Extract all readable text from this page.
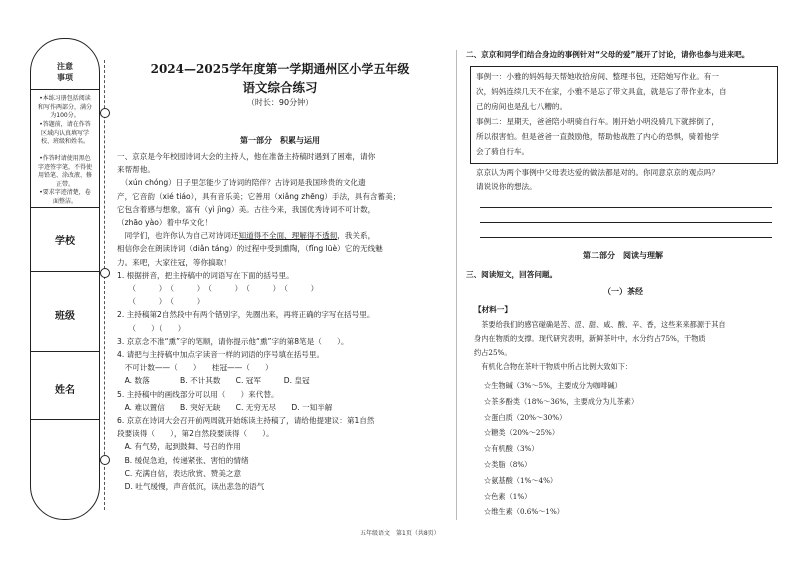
注意
事项
•本练习册包括阅读和写作两部分，满分为100分。
•答题前，请在作答区域内认真填写学校、班级和姓名。
•作答时请使用黑色字迹签字笔，不得使用铅笔、涂改液、修正带。
•要求字迹清楚，卷面整洁。
学校
班级
姓名
2024—2025学年度第一学期通州区小学五年级
语文综合练习
（时长：90分钟）
第一部分　积累与运用
一、京京是今年校园诗词大会的主持人，他在准备主持稿时遇到了困难，请你
来帮帮他。
　（xún chóng）日子里怎能少了诗词的陪伴？古诗词是我国珍贵的文化遗
产，它音韵（xié tiáo），具有音乐美；它善用（xiǎng zhēng）手法，具有含蓄美；
它包含着感与想象，富有（yì jìng）美。古往今来，我国优秀诗词不可计数，
（zhāo yào）着中华文化！
　同学们，也许你认为自己对诗词还知道得不全面、理解得不透彻，我关系，
相信你会在朗读诗词（diǎn táng）的过程中受到熏陶，（fǐng lüè）它的无线魅
力。来吧，大家往冠，等你搞取！
1. 根据拼音，把主持稿中的词语写在下面的括号里。
　　（　　　）　（　　　）　（　　　）　（　　　）　（　　　）
　　（　　　）　（　　　）
2. 主持稿第2自然段中有两个错别字，先圈出来，再将正确的字写在括号里。
　　（　　）（　　）
3. 京京念不准“熏”字的笔顺，请你提示他“熏”字的第8笔是（　　）。
4. 请把与主持稿中加点字读音一样的词语的序号填在括号里。
　不可计数——（　　）　　桂冠——（　　）
　A. 数落　　　　B. 不计其数　　C. 冠军　　　D. 皇冠
5. 主持稿中的画线部分可以用（　　）来代替。
　A. 难以置信　　B. 突好无缺　　C. 无穷无尽　　D. 一知半解
6. 京京在诗词大会召开前两周就开始练读主持稿了，请给他提建议：第1自然
段要读得（　　），第2自然段要读得（　　）。
　A. 有气势，起到鼓舞、号召的作用
　B. 缓促急迫，传递紧张、害怕的情绪
　C. 充满自信，表达欣赏、赞美之意
　D. 吐气缓慢，声音低沉，读出悲急的语气
二、京京和同学们结合身边的事例针对“父母的爱”展开了讨论，请你也参与进来吧。
事例一：小雅的妈妈每天帮她收拾房间、整理书包，还陪她写作业。有一
次，妈妈连续几天不在家，小雅不是忘了带文具盒，就是忘了带作业本，自
己的房间也是乱七八糟的。
事例二：星期天，爸爸陪小明骑自行车。刚开始小明没骑几下就摔倒了，
所以很害怕。但是爸爸一直鼓励他，帮助他战胜了内心的恐惧，骑着他学
会了骑自行车。
京京认为两个事例中父母表达爱的做法都是对的。你同意京京的观点吗？
请说说你的想法。
第二部分　阅读与理解
三、阅读短文，回答问题。
（一）茶经
【材料一】
　茶要给我们的感官碰确是苦、涩、甜、咸、酸、辛、香，这些来来都源于其自
身内在物质的支撑。现代研究表明，新鲜茶叶中，水分约占75%，干物质
约占25%。
　有机化合物在茶叶干物质中所占比例大致如下：
☆生物碱（3%～5%，主要成分为咖啡碱）
☆茶多酚类（18%～36%，主要成分为儿茶素）
☆蛋白质（20%～30%）
☆糖类（20%～25%）
☆有机酸（3%）
☆类脂（8%）
☆氨基酸（1%～4%）
☆色素（1%）
☆维生素（0.6%～1%）
五年级语文　第1页（共8页）
